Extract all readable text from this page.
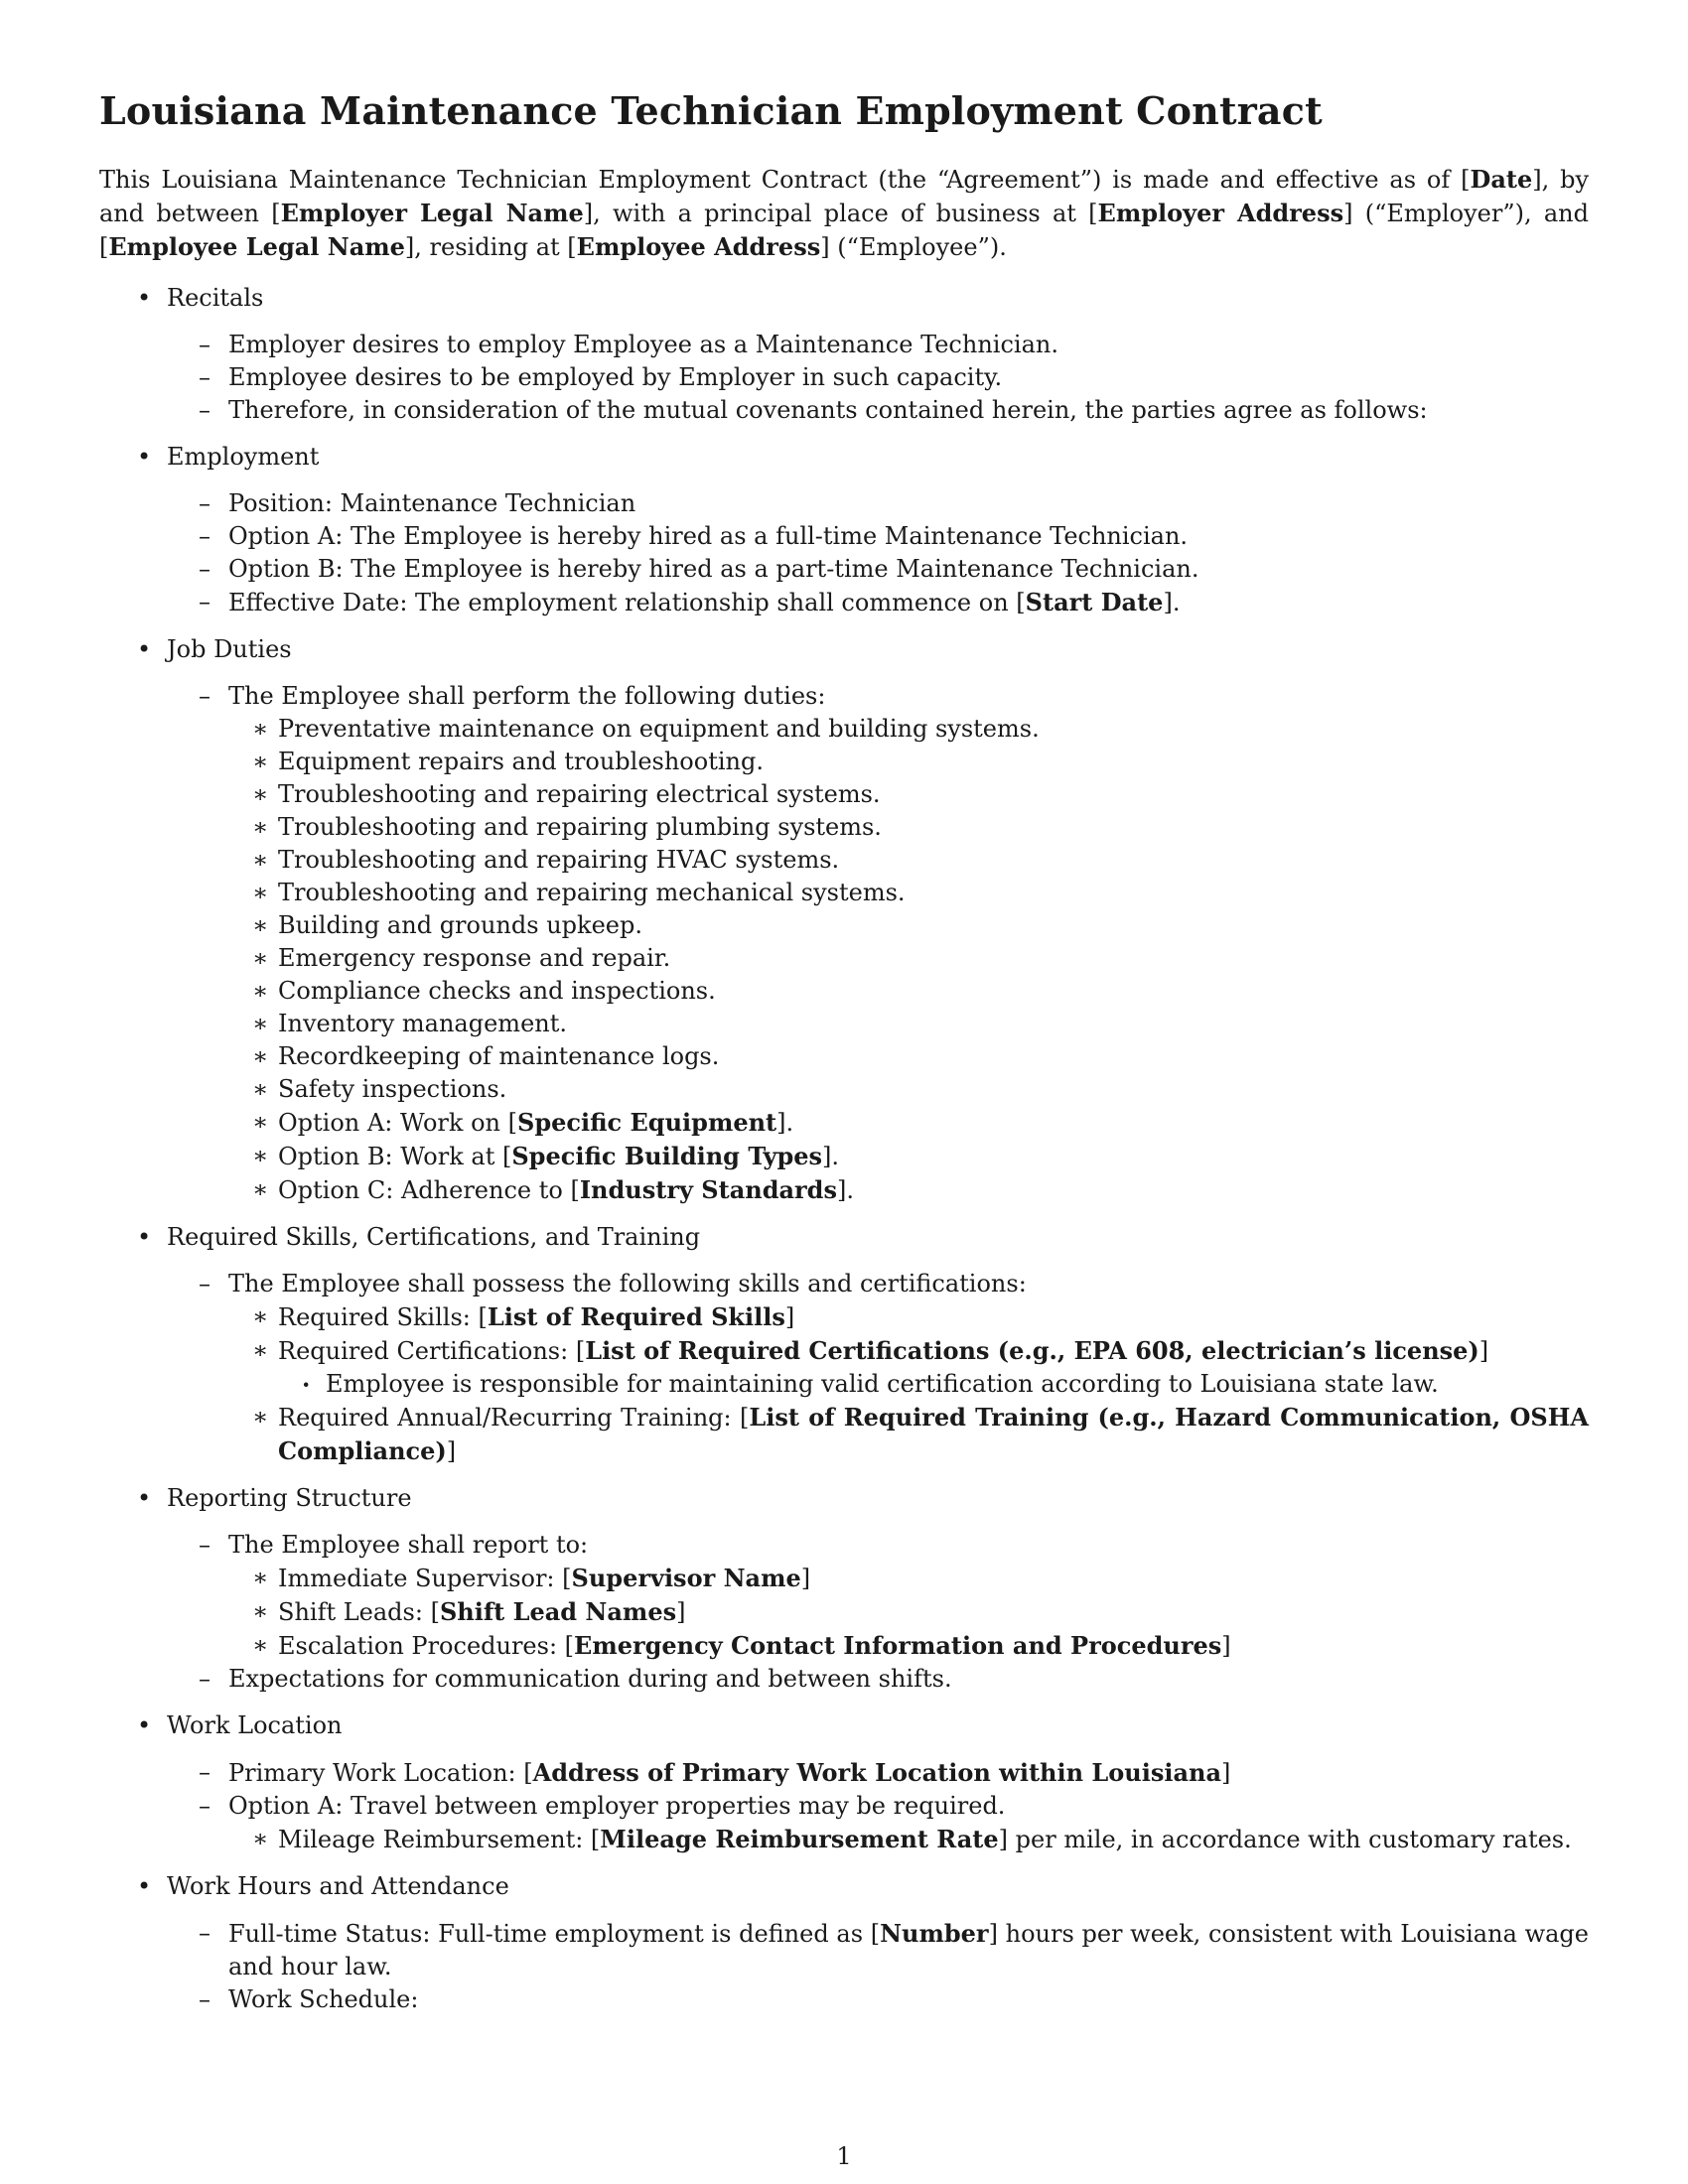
Louisiana Maintenance Technician Employment Contract

This Louisiana Maintenance Technician Employment Contract (the “Agreement”) is made and effective as of [Date], by and between [Employer Legal Name], with a principal place of business at [Employer Address] (“Employer”), and [Employee Legal Name], residing at [Employee Address] (“Employee”).

• Recitals
– Employer desires to employ Employee as a Maintenance Technician.
– Employee desires to be employed by Employer in such capacity.
– Therefore, in consideration of the mutual covenants contained herein, the parties agree as follows:
• Employment
– Position: Maintenance Technician
– Option A: The Employee is hereby hired as a full-time Maintenance Technician.
– Option B: The Employee is hereby hired as a part-time Maintenance Technician.
– Effective Date: The employment relationship shall commence on [Start Date].
• Job Duties
– The Employee shall perform the following duties:
∗ Preventative maintenance on equipment and building systems.
∗ Equipment repairs and troubleshooting.
∗ Troubleshooting and repairing electrical systems.
∗ Troubleshooting and repairing plumbing systems.
∗ Troubleshooting and repairing HVAC systems.
∗ Troubleshooting and repairing mechanical systems.
∗ Building and grounds upkeep.
∗ Emergency response and repair.
∗ Compliance checks and inspections.
∗ Inventory management.
∗ Recordkeeping of maintenance logs.
∗ Safety inspections.
∗ Option A: Work on [Specific Equipment].
∗ Option B: Work at [Specific Building Types].
∗ Option C: Adherence to [Industry Standards].
• Required Skills, Certifications, and Training
– The Employee shall possess the following skills and certifications:
∗ Required Skills: [List of Required Skills]
∗ Required Certifications: [List of Required Certifications (e.g., EPA 608, electrician’s license)]
· Employee is responsible for maintaining valid certification according to Louisiana state law.
∗ Required Annual/Recurring Training: [List of Required Training (e.g., Hazard Communication, OSHA Compliance)]
• Reporting Structure
– The Employee shall report to:
∗ Immediate Supervisor: [Supervisor Name]
∗ Shift Leads: [Shift Lead Names]
∗ Escalation Procedures: [Emergency Contact Information and Procedures]
– Expectations for communication during and between shifts.
• Work Location
– Primary Work Location: [Address of Primary Work Location within Louisiana]
– Option A: Travel between employer properties may be required.
∗ Mileage Reimbursement: [Mileage Reimbursement Rate] per mile, in accordance with customary rates.
• Work Hours and Attendance
– Full-time Status: Full-time employment is defined as [Number] hours per week, consistent with Louisiana wage and hour law.
– Work Schedule:
1
